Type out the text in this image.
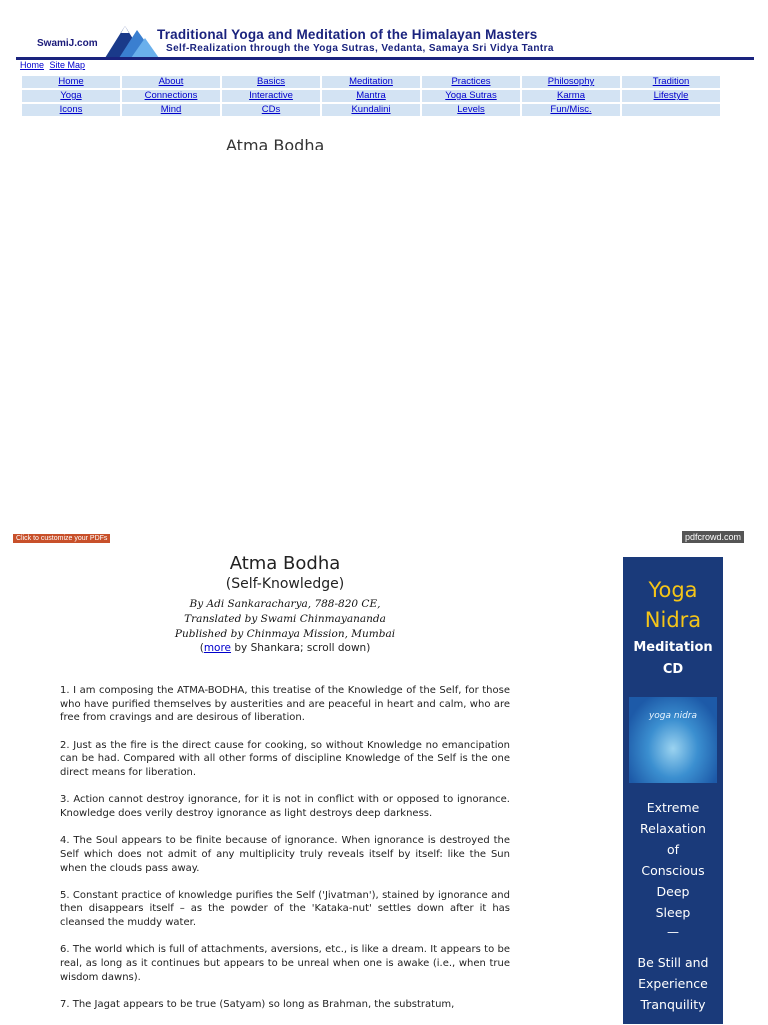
SwamiJ.com
Traditional Yoga and Meditation of the Himalayan Masters
Self-Realization through the Yoga Sutras, Vedanta, Samaya Sri Vidya Tantra
Home Site Map
Home	About	Basics	Meditation	Practices	Philosophy	Tradition
Yoga	Connections	Interactive	Mantra	Yoga Sutras	Karma	Lifestyle
Icons	Mind	CDs	Kundalini	Levels	Fun/Misc.	
Atma Bodha
Click to customize your PDFs	pdfcrowd.com
Atma Bodha
(Self-Knowledge)
By Adi Sankaracharya, 788-820 CE,
Translated by Swami Chinmayananda
Published by Chinmaya Mission, Mumbai
(more by Shankara; scroll down)

1. I am composing the ATMA-BODHA, this treatise of the Knowledge of the Self, for those who have purified themselves by austerities and are peaceful in heart and calm, who are free from cravings and are desirous of liberation.

2. Just as the fire is the direct cause for cooking, so without Knowledge no emancipation can be had. Compared with all other forms of discipline Knowledge of the Self is the one direct means for liberation.

3. Action cannot destroy ignorance, for it is not in conflict with or opposed to ignorance. Knowledge does verily destroy ignorance as light destroys deep darkness.

4. The Soul appears to be finite because of ignorance. When ignorance is destroyed the Self which does not admit of any multiplicity truly reveals itself by itself: like the Sun when the clouds pass away.

5. Constant practice of knowledge purifies the Self ('Jivatman'), stained by ignorance and then disappears itself – as the powder of the 'Kataka-nut' settles down after it has cleansed the muddy water.

6. The world which is full of attachments, aversions, etc., is like a dream. It appears to be real, as long as it continues but appears to be unreal when one is awake (i.e., when true wisdom dawns).

7. The Jagat appears to be true (Satyam) so long as Brahman, the substratum,

Yoga
Nidra
Meditation
CD
yoga nidra
Extreme
Relaxation
of
Conscious
Deep
Sleep
—
Be Still and
Experience
Tranquility
